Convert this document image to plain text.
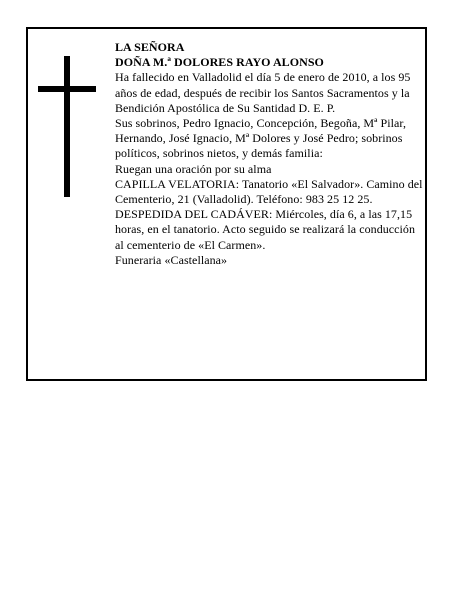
LA SEÑORA

DOÑA M.ª DOLORES RAYO ALONSO

Ha fallecido en Valladolid el día 5 de enero de 2010, a los 95 años de edad, después de recibir los Santos Sacramentos y la Bendición Apostólica de Su Santidad D. E. P.

Sus sobrinos, Pedro Ignacio, Concepción, Begoña, Mª Pilar, Hernando, José Ignacio, Mª Dolores y José Pedro; sobrinos políticos, sobrinos nietos, y demás familia:

Ruegan una oración por su alma

CAPILLA VELATORIA: Tanatorio «El Salvador». Camino del Cementerio, 21 (Valladolid). Teléfono: 983 25 12 25.

DESPEDIDA DEL CADÁVER: Miércoles, día 6, a las 17,15 horas, en el tanatorio. Acto seguido se realizará la conducción al cementerio de «El Carmen».

Funeraria «Castellana»
